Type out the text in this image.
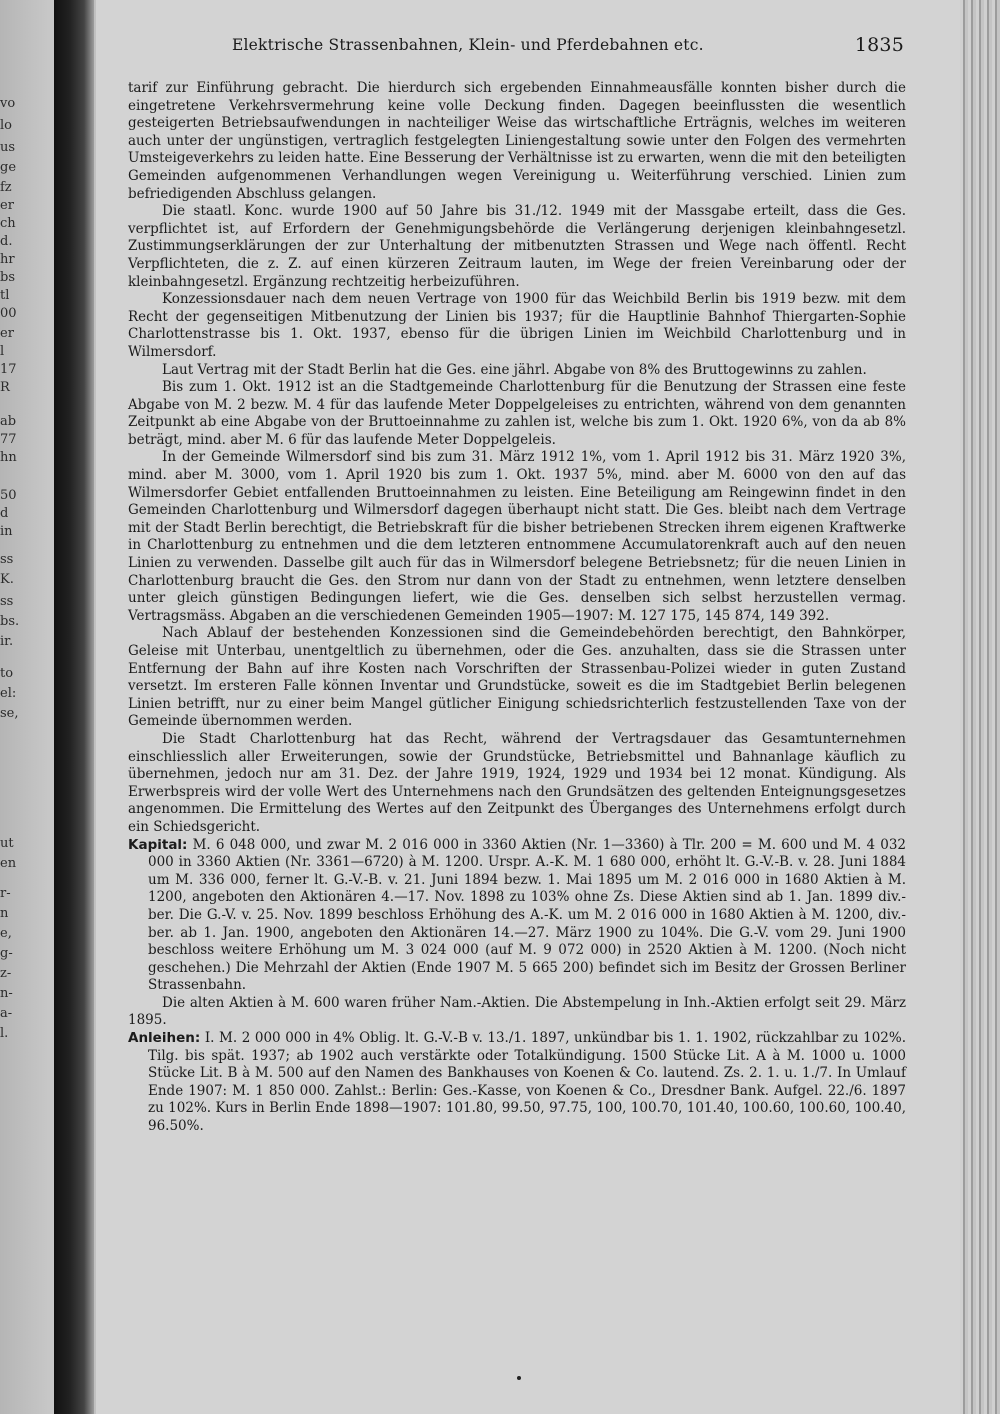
vo
lo
us
ge
fz
er
ch
d.
hr
bs
tl
00
er
l
17
R
ab
77
hn
50
d
in
ss
K.
ss
bs.
ir.
to
el:
se,
ut
en
r-
n
e,
g-
z-
n-
a-
l.
Elektrische Strassenbahnen, Klein- und Pferdebahnen etc.	1835

tarif zur Einführung gebracht. Die hierdurch sich ergebenden Einnahmeausfälle konnten bisher durch die eingetretene Verkehrsvermehrung keine volle Deckung finden. Dagegen beeinflussten die wesentlich gesteigerten Betriebsaufwendungen in nachteiliger Weise das wirtschaftliche Erträgnis, welches im weiteren auch unter der ungünstigen, vertraglich festgelegten Liniengestaltung sowie unter den Folgen des vermehrten Umsteigeverkehrs zu leiden hatte. Eine Besserung der Verhältnisse ist zu erwarten, wenn die mit den beteiligten Gemeinden aufgenommenen Verhandlungen wegen Vereinigung u. Weiterführung verschied. Linien zum befriedigenden Abschluss gelangen.

Die staatl. Konc. wurde 1900 auf 50 Jahre bis 31./12. 1949 mit der Massgabe erteilt, dass die Ges. verpflichtet ist, auf Erfordern der Genehmigungsbehörde die Verlängerung derjenigen kleinbahngesetzl. Zustimmungserklärungen der zur Unterhaltung der mitbenutzten Strassen und Wege nach öffentl. Recht Verpflichteten, die z. Z. auf einen kürzeren Zeitraum lauten, im Wege der freien Vereinbarung oder der kleinbahngesetzl. Ergänzung rechtzeitig herbeizuführen.

Konzessionsdauer nach dem neuen Vertrage von 1900 für das Weichbild Berlin bis 1919 bezw. mit dem Recht der gegenseitigen Mitbenutzung der Linien bis 1937; für die Hauptlinie Bahnhof Thiergarten-Sophie Charlottenstrasse bis 1. Okt. 1937, ebenso für die übrigen Linien im Weichbild Charlottenburg und in Wilmersdorf.

Laut Vertrag mit der Stadt Berlin hat die Ges. eine jährl. Abgabe von 8% des Bruttogewinns zu zahlen.

Bis zum 1. Okt. 1912 ist an die Stadtgemeinde Charlottenburg für die Benutzung der Strassen eine feste Abgabe von M. 2 bezw. M. 4 für das laufende Meter Doppelgeleises zu entrichten, während von dem genannten Zeitpunkt ab eine Abgabe von der Bruttoeinnahme zu zahlen ist, welche bis zum 1. Okt. 1920 6%, von da ab 8% beträgt, mind. aber M. 6 für das laufende Meter Doppelgeleis.

In der Gemeinde Wilmersdorf sind bis zum 31. März 1912 1%, vom 1. April 1912 bis 31. März 1920 3%, mind. aber M. 3000, vom 1. April 1920 bis zum 1. Okt. 1937 5%, mind. aber M. 6000 von den auf das Wilmersdorfer Gebiet entfallenden Bruttoeinnahmen zu leisten. Eine Beteiligung am Reingewinn findet in den Gemeinden Charlottenburg und Wilmersdorf dagegen überhaupt nicht statt. Die Ges. bleibt nach dem Vertrage mit der Stadt Berlin berechtigt, die Betriebskraft für die bisher betriebenen Strecken ihrem eigenen Kraftwerke in Charlottenburg zu entnehmen und die dem letzteren entnommene Accumulatorenkraft auch auf den neuen Linien zu verwenden. Dasselbe gilt auch für das in Wilmersdorf belegene Betriebsnetz; für die neuen Linien in Charlottenburg braucht die Ges. den Strom nur dann von der Stadt zu entnehmen, wenn letztere denselben unter gleich günstigen Bedingungen liefert, wie die Ges. denselben sich selbst herzustellen vermag. Vertragsmäss. Abgaben an die verschiedenen Gemeinden 1905—1907: M. 127 175, 145 874, 149 392.

Nach Ablauf der bestehenden Konzessionen sind die Gemeindebehörden berechtigt, den Bahnkörper, Geleise mit Unterbau, unentgeltlich zu übernehmen, oder die Ges. anzuhalten, dass sie die Strassen unter Entfernung der Bahn auf ihre Kosten nach Vorschriften der Strassenbau-Polizei wieder in guten Zustand versetzt. Im ersteren Falle können Inventar und Grundstücke, soweit es die im Stadtgebiet Berlin belegenen Linien betrifft, nur zu einer beim Mangel gütlicher Einigung schiedsrichterlich festzustellenden Taxe von der Gemeinde übernommen werden.

Die Stadt Charlottenburg hat das Recht, während der Vertragsdauer das Gesamtunternehmen einschliesslich aller Erweiterungen, sowie der Grundstücke, Betriebsmittel und Bahnanlage käuflich zu übernehmen, jedoch nur am 31. Dez. der Jahre 1919, 1924, 1929 und 1934 bei 12 monat. Kündigung. Als Erwerbspreis wird der volle Wert des Unternehmens nach den Grundsätzen des geltenden Enteignungsgesetzes angenommen. Die Ermittelung des Wertes auf den Zeitpunkt des Überganges des Unternehmens erfolgt durch ein Schiedsgericht.

Kapital: M. 6 048 000, und zwar M. 2 016 000 in 3360 Aktien (Nr. 1—3360) à Tlr. 200 = M. 600 und M. 4 032 000 in 3360 Aktien (Nr. 3361—6720) à M. 1200. Urspr. A.-K. M. 1 680 000, erhöht lt. G.-V.-B. v. 28. Juni 1884 um M. 336 000, ferner lt. G.-V.-B. v. 21. Juni 1894 bezw. 1. Mai 1895 um M. 2 016 000 in 1680 Aktien à M. 1200, angeboten den Aktionären 4.—17. Nov. 1898 zu 103% ohne Zs. Diese Aktien sind ab 1. Jan. 1899 div.-ber. Die G.-V. v. 25. Nov. 1899 beschloss Erhöhung des A.-K. um M. 2 016 000 in 1680 Aktien à M. 1200, div.-ber. ab 1. Jan. 1900, angeboten den Aktionären 14.—27. März 1900 zu 104%. Die G.-V. vom 29. Juni 1900 beschloss weitere Erhöhung um M. 3 024 000 (auf M. 9 072 000) in 2520 Aktien à M. 1200. (Noch nicht geschehen.) Die Mehrzahl der Aktien (Ende 1907 M. 5 665 200) befindet sich im Besitz der Grossen Berliner Strassenbahn.

Die alten Aktien à M. 600 waren früher Nam.-Aktien. Die Abstempelung in Inh.-Aktien erfolgt seit 29. März 1895.

Anleihen: I. M. 2 000 000 in 4% Oblig. lt. G.-V.-B v. 13./1. 1897, unkündbar bis 1. 1. 1902, rückzahlbar zu 102%. Tilg. bis spät. 1937; ab 1902 auch verstärkte oder Totalkündigung. 1500 Stücke Lit. A à M. 1000 u. 1000 Stücke Lit. B à M. 500 auf den Namen des Bankhauses von Koenen & Co. lautend. Zs. 2. 1. u. 1./7. In Umlauf Ende 1907: M. 1 850 000. Zahlst.: Berlin: Ges.-Kasse, von Koenen & Co., Dresdner Bank. Aufgel. 22./6. 1897 zu 102%. Kurs in Berlin Ende 1898—1907: 101.80, 99.50, 97.75, 100, 100.70, 101.40, 100.60, 100.60, 100.40, 96.50%.
